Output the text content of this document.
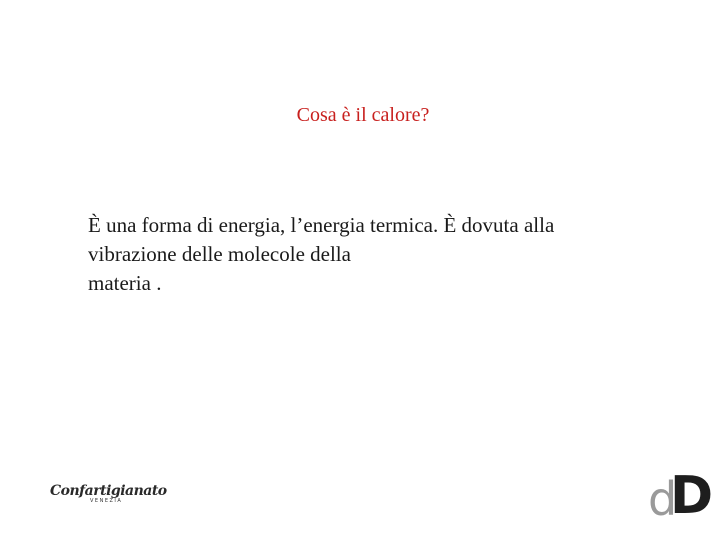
Cosa è il calore?
È una forma di energia, l’energia termica. È dovuta alla
vibrazione delle molecole della
materia .
Confartigianato
VENEZIA	d
D
